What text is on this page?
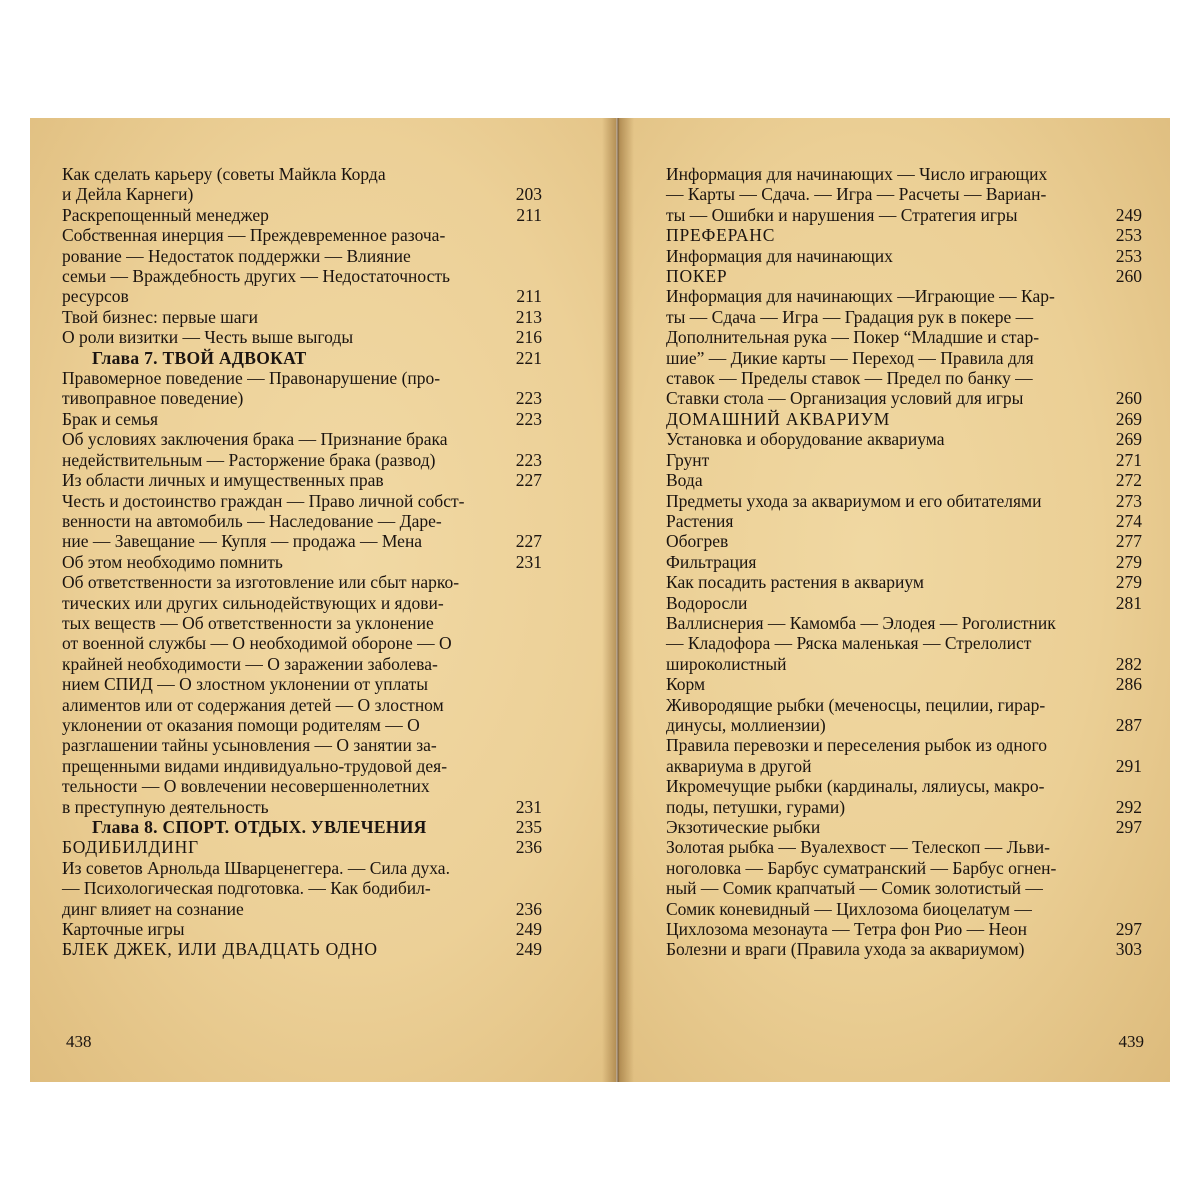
Как сделать карьеру (советы Майкла Корда
и Дейла Карнеги)	203
Раскрепощенный менеджер	211
Собственная инерция — Преждевременное разоча-
рование — Недостаток поддержки — Влияние
семьи — Враждебность других — Недостаточность
ресурсов	211
Твой бизнес: первые шаги	213
О роли визитки — Честь выше выгоды	216
Глава 7. ТВОЙ АДВОКАТ	221
Правомерное поведение — Правонарушение (про-
тивоправное поведение)	223
Брак и семья	223
Об условиях заключения брака — Признание брака
недействительным — Расторжение брака (развод)	223
Из области личных и имущественных прав	227
Честь и достоинство граждан — Право личной собст-
венности на автомобиль — Наследование — Даре-
ние — Завещание — Купля — продажа — Мена	227
Об этом необходимо помнить	231
Об ответственности за изготовление или сбыт нарко-
тических или других сильнодействующих и ядови-
тых веществ — Об ответственности за уклонение
от военной службы — О необходимой обороне — О
крайней необходимости — О заражении заболева-
нием СПИД — О злостном уклонении от уплаты
алиментов или от содержания детей — О злостном
уклонении от оказания помощи родителям — О
разглашении тайны усыновления — О занятии за-
прещенными видами индивидуально-трудовой дея-
тельности — О вовлечении несовершеннолетних
в преступную деятельность	231
Глава 8. СПОРТ. ОТДЫХ. УВЛЕЧЕНИЯ	235
БОДИБИЛДИНГ	236
Из советов Арнольда Шварценеггера. — Сила духа.
— Психологическая подготовка. — Как бодибил-
динг влияет на сознание	236
Карточные игры	249
БЛЕК ДЖЕК, ИЛИ ДВАДЦАТЬ ОДНО	249
438
Информация для начинающих — Число играющих
— Карты — Сдача. — Игра — Расчеты — Вариан-
ты — Ошибки и нарушения — Стратегия игры	249
ПРЕФЕРАНС	253
Информация для начинающих	253
ПОКЕР	260
Информация для начинающих —Играющие — Кар-
ты — Сдача — Игра — Градация рук в покере —
Дополнительная рука — Покер “Младшие и стар-
шие” — Дикие карты — Переход — Правила для
ставок — Пределы ставок — Предел по банку —
Ставки стола — Организация условий для игры	260
ДОМАШНИЙ АКВАРИУМ	269
Установка и оборудование аквариума	269
Грунт	271
Вода	272
Предметы ухода за аквариумом и его обитателями	273
Растения	274
Обогрев	277
Фильтрация	279
Как посадить растения в аквариум	279
Водоросли	281
Валлиснерия — Камомба — Элодея — Роголистник
— Кладофора — Ряска маленькая — Стрелолист
широколистный	282
Корм	286
Живородящие рыбки (меченосцы, пецилии, гирар-
динусы, моллиензии)	287
Правила перевозки и переселения рыбок из одного
аквариума в другой	291
Икромечущие рыбки (кардиналы, лялиусы, макро-
поды, петушки, гурами)	292
Экзотические рыбки	297
Золотая рыбка — Вуалехвост — Телескоп — Льви-
ноголовка — Барбус суматранский — Барбус огнен-
ный — Сомик крапчатый — Сомик золотистый —
Сомик коневидный — Цихлозома биоцелатум —
Цихлозома мезонаута — Тетра фон Рио — Неон	297
Болезни и враги (Правила ухода за аквариумом)	303
439
